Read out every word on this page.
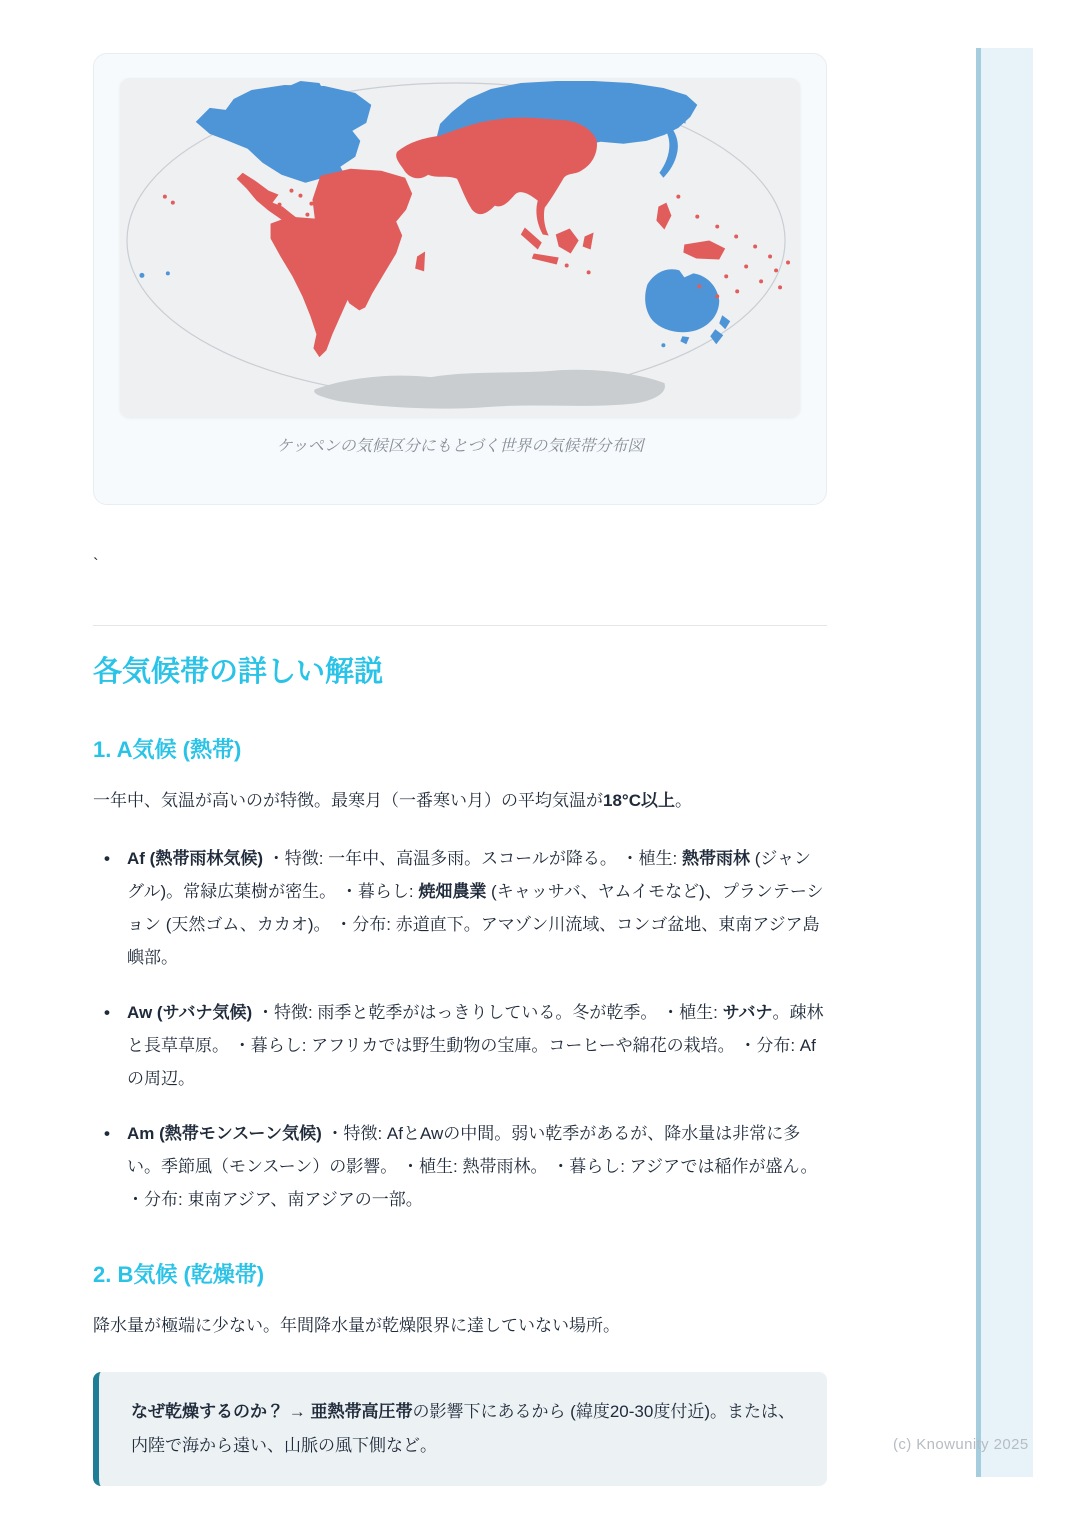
(c) Knowunity 2025
ケッペンの気候区分にもとづく世界の気候帯分布図
`
各気候帯の詳しい解説
1. A気候 (熱帯)

一年中、気温が高いのが特徴。最寒月（一番寒い月）の平均気温が18°C以上。

• Af (熱帯雨林気候) ・特徴: 一年中、高温多雨。スコールが降る。 ・植生: 熱帯雨林 (ジャングル)。常緑広葉樹が密生。 ・暮らし: 焼畑農業 (キャッサバ、ヤムイモなど)、プランテーション (天然ゴム、カカオ)。 ・分布: 赤道直下。アマゾン川流域、コンゴ盆地、東南アジア島嶼部。
• Aw (サバナ気候) ・特徴: 雨季と乾季がはっきりしている。冬が乾季。 ・植生: サバナ。疎林と長草草原。 ・暮らし: アフリカでは野生動物の宝庫。コーヒーや綿花の栽培。 ・分布: Afの周辺。
• Am (熱帯モンスーン気候) ・特徴: AfとAwの中間。弱い乾季があるが、降水量は非常に多い。季節風（モンスーン）の影響。 ・植生: 熱帯雨林。 ・暮らし: アジアでは稲作が盛ん。 ・分布: 東南アジア、南アジアの一部。
2. B気候 (乾燥帯)

降水量が極端に少ない。年間降水量が乾燥限界に達していない場所。

なぜ乾燥するのか？ → 亜熱帯高圧帯の影響下にあるから (緯度20-30度付近)。または、内陸で海から遠い、山脈の風下側など。
